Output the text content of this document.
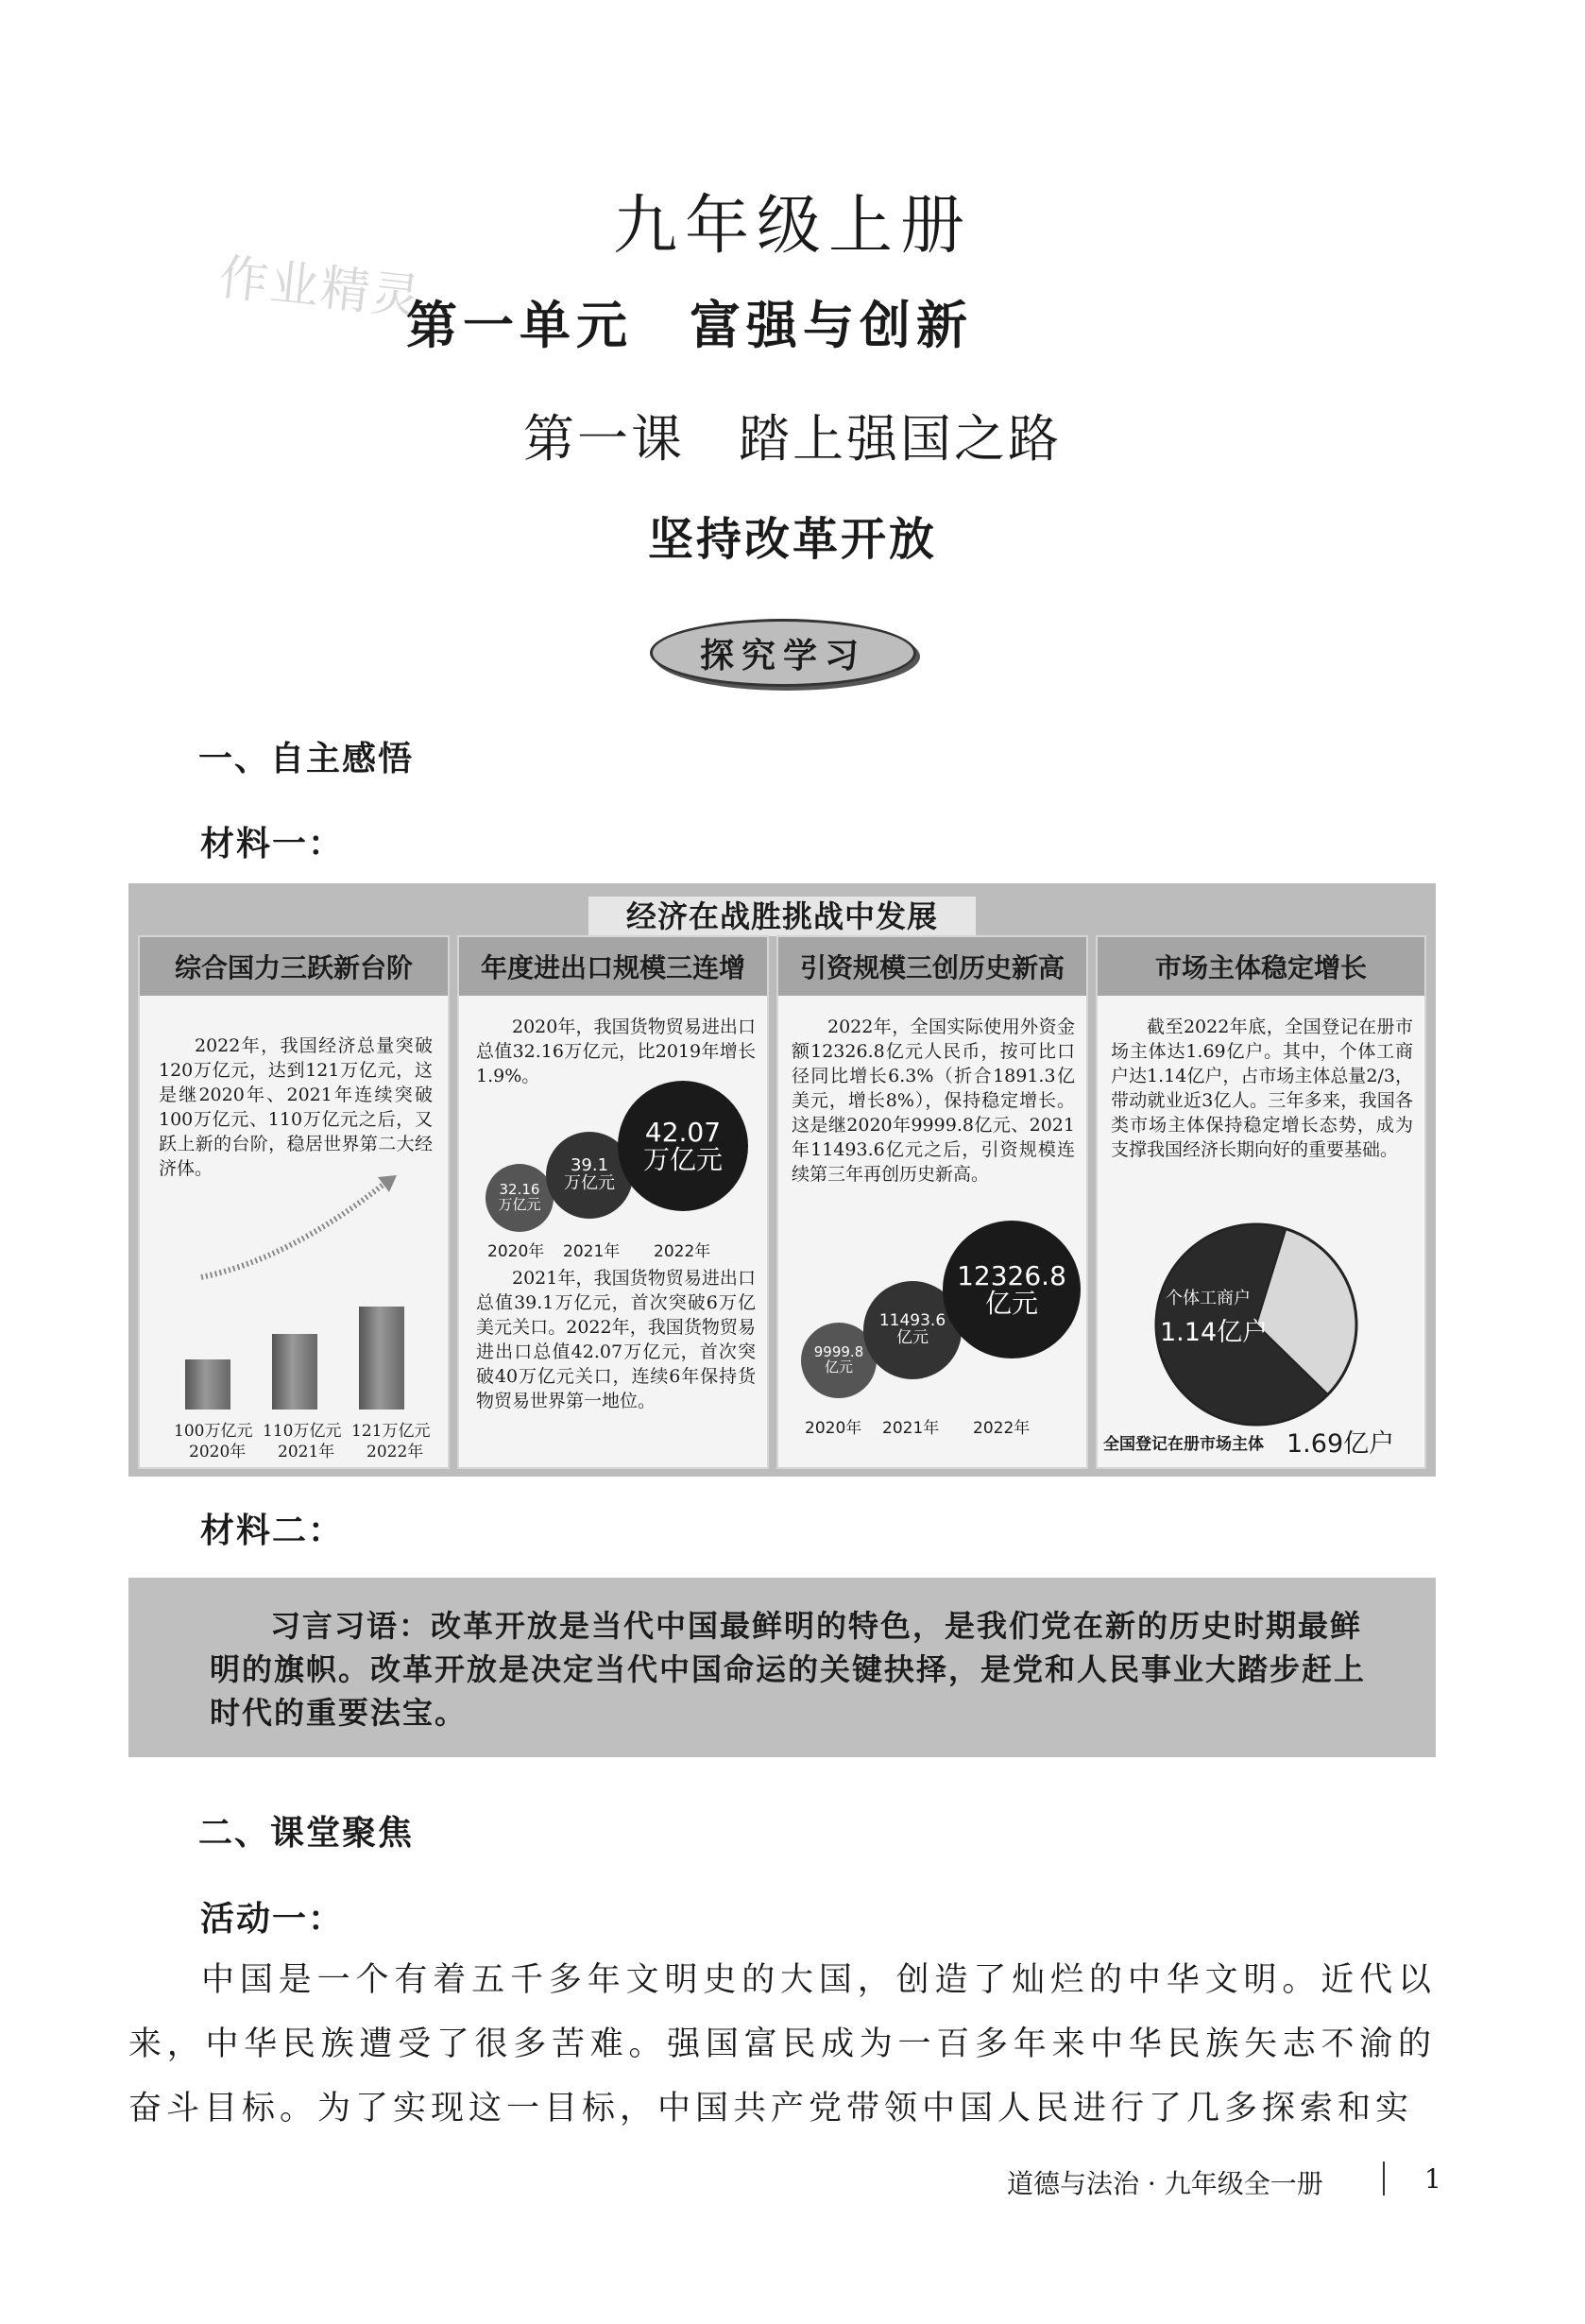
作业精灵
九年级上册
第一单元　富强与创新
第一课　踏上强国之路
坚持改革开放
探究学习
一、自主感悟
材料一：
经济在战胜挑战中发展
综合国力三跃新台阶
2022年，我国经济总量突破120万亿元，达到121万亿元，这是继2020年、2021年连续突破100万亿元、110万亿元之后，又跃上新的台阶，稳居世界第二大经济体。
100万亿元 110万亿元 121万亿元
2020年 2021年 2022年
年度进出口规模三连增
2020年，我国货物贸易进出口总值32.16万亿元，比2019年增长1.9%。
32.16
万亿元
39.1
万亿元
42.07
万亿元
2020年 2021年 2022年
2021年，我国货物贸易进出口总值39.1万亿元，首次突破6万亿美元关口。2022年，我国货物贸易进出口总值42.07万亿元，首次突破40万亿元关口，连续6年保持货物贸易世界第一地位。
引资规模三创历史新高
2022年，全国实际使用外资金额12326.8亿元人民币，按可比口径同比增长6.3%（折合1891.3亿美元，增长8%），保持稳定增长。这是继2020年9999.8亿元、2021年11493.6亿元之后，引资规模连续第三年再创历史新高。
9999.8
亿元
11493.6
亿元
12326.8
亿元
2020年 2021年 2022年
市场主体稳定增长
截至2022年底，全国登记在册市场主体达1.69亿户。其中，个体工商户达1.14亿户，占市场主体总量2/3，带动就业近3亿人。三年多来，我国各类市场主体保持稳定增长态势，成为支撑我国经济长期向好的重要基础。
个体工商户
1.14亿户
全国登记在册市场主体 1.69亿户
材料二：
习言习语：改革开放是当代中国最鲜明的特色，是我们党在新的历史时期最鲜明的旗帜。改革开放是决定当代中国命运的关键抉择，是党和人民事业大踏步赶上时代的重要法宝。
二、课堂聚焦
活动一：
中国是一个有着五千多年文明史的大国，创造了灿烂的中华文明。近代以来，中华民族遭受了很多苦难。强国富民成为一百多年来中华民族矢志不渝的奋斗目标。为了实现这一目标，中国共产党带领中国人民进行了几多探索和实
道德与法治 · 九年级全一册	1
